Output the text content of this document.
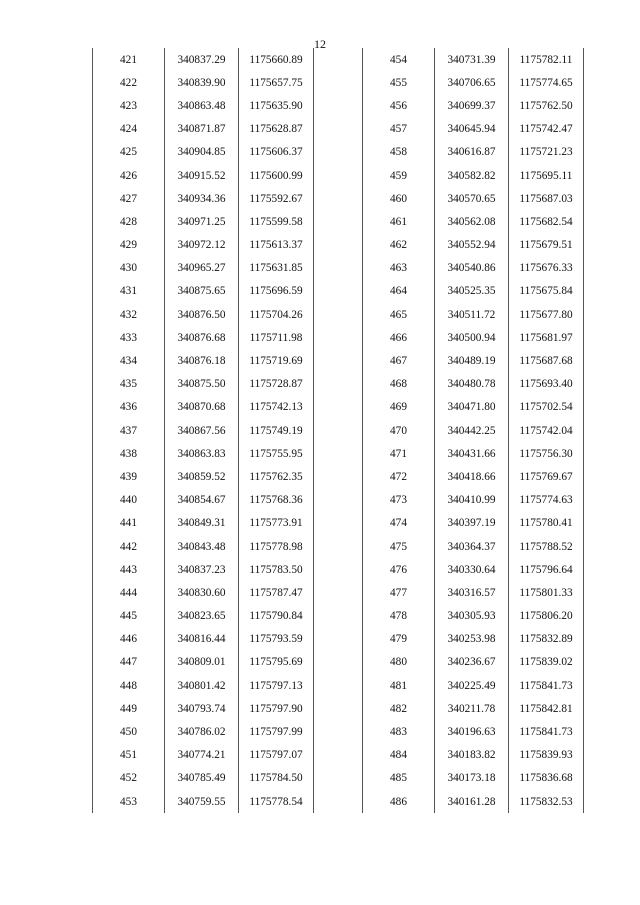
12
421	340837.29	1175660.89
422	340839.90	1175657.75
423	340863.48	1175635.90
424	340871.87	1175628.87
425	340904.85	1175606.37
426	340915.52	1175600.99
427	340934.36	1175592.67
428	340971.25	1175599.58
429	340972.12	1175613.37
430	340965.27	1175631.85
431	340875.65	1175696.59
432	340876.50	1175704.26
433	340876.68	1175711.98
434	340876.18	1175719.69
435	340875.50	1175728.87
436	340870.68	1175742.13
437	340867.56	1175749.19
438	340863.83	1175755.95
439	340859.52	1175762.35
440	340854.67	1175768.36
441	340849.31	1175773.91
442	340843.48	1175778.98
443	340837.23	1175783.50
444	340830.60	1175787.47
445	340823.65	1175790.84
446	340816.44	1175793.59
447	340809.01	1175795.69
448	340801.42	1175797.13
449	340793.74	1175797.90
450	340786.02	1175797.99
451	340774.21	1175797.07
452	340785.49	1175784.50
453	340759.55	1175778.54
454	340731.39	1175782.11
455	340706.65	1175774.65
456	340699.37	1175762.50
457	340645.94	1175742.47
458	340616.87	1175721.23
459	340582.82	1175695.11
460	340570.65	1175687.03
461	340562.08	1175682.54
462	340552.94	1175679.51
463	340540.86	1175676.33
464	340525.35	1175675.84
465	340511.72	1175677.80
466	340500.94	1175681.97
467	340489.19	1175687.68
468	340480.78	1175693.40
469	340471.80	1175702.54
470	340442.25	1175742.04
471	340431.66	1175756.30
472	340418.66	1175769.67
473	340410.99	1175774.63
474	340397.19	1175780.41
475	340364.37	1175788.52
476	340330.64	1175796.64
477	340316.57	1175801.33
478	340305.93	1175806.20
479	340253.98	1175832.89
480	340236.67	1175839.02
481	340225.49	1175841.73
482	340211.78	1175842.81
483	340196.63	1175841.73
484	340183.82	1175839.93
485	340173.18	1175836.68
486	340161.28	1175832.53
